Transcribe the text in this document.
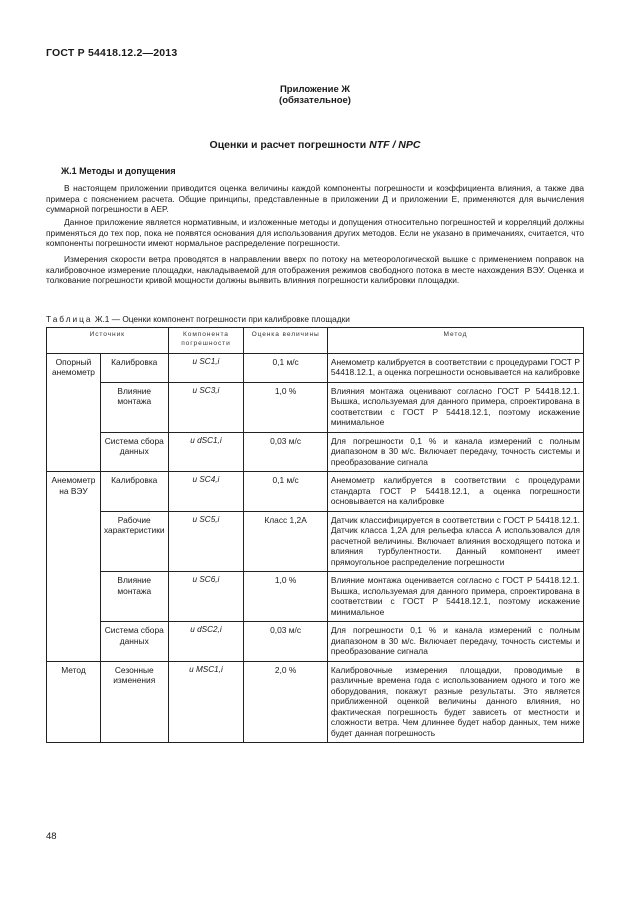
ГОСТ Р 54418.12.2—2013
Приложение Ж
(обязательное)
Оценки и расчет погрешности NTF / NPC
Ж.1 Методы и допущения

В настоящем приложении приводится оценка величины каждой компоненты погрешности и коэффициента влияния, а также два примера с пояснением расчета. Общие принципы, представленные в приложении Д и приложении Е, применяются для вычисления суммарной погрешности в AEP.

Данное приложение является нормативным, и изложенные методы и допущения относительно погрешностей и корреляций должны применяться до тех пор, пока не появятся основания для использования других методов. Если не указано в примечаниях, считается, что компоненты погрешности имеют нормальное распределение погрешности.

Измерения скорости ветра проводятся в направлении вверх по потоку на метеорологической вышке с применением поправок на калибровочное измерение площадки, накладываемой для отображения режимов свободного потока в месте нахождения ВЭУ. Оценка и толкование погрешности кривой мощности должны выявить влияния погрешности калибровки площадки.

Таблица Ж.1 — Оценки компонент погрешности при калибровке площадки
Источник		Компонента погрешности	Оценка величины	Метод
Опорный анемометр	Калибровка	u SC1,i	0,1 м/с	Анемометр калибруется в соответствии с процедурами ГОСТ Р 54418.12.1, а оценка погрешности основывается на калибровке
	Влияние монтажа	u SC3,i	1,0 %	Влияния монтажа оценивают согласно ГОСТ Р 54418.12.1. Вышка, используемая для данного примера, спроектирована в соответствии с ГОСТ Р 54418.12.1, поэтому искажение минимальное
	Система сбора данных	u dSC1,i	0,03 м/с	Для погрешности 0,1 % и канала измерений с полным диапазоном в 30 м/с. Включает передачу, точность системы и преобразование сигнала
Анемометр на ВЭУ	Калибровка	u SC4,i	0,1 м/с	Анемометр калибруется в соответствии с процедурами стандарта ГОСТ Р 54418.12.1, а оценка погрешности основывается на калибровке
	Рабочие характеристики	u SC5,i	Класс 1,2А	Датчик классифицируется в соответствии с ГОСТ Р 54418.12.1. Датчик класса 1,2А для рельефа класса А использовался для расчетной величины. Включает влияния восходящего потока и влияния турбулентности. Данный компонент имеет прямоугольное распределение погрешности
	Влияние монтажа	u SC6,i	1,0 %	Влияние монтажа оценивается согласно с ГОСТ Р 54418.12.1. Вышка, используемая для данного примера, спроектирована в соответствии с ГОСТ Р 54418.12.1, поэтому искажение минимальное
	Система сбора данных	u dSC2,i	0,03 м/с	Для погрешности 0,1 % и канала измерений с полным диапазоном в 30 м/с. Включает передачу, точность системы и преобразование сигнала
Метод	Сезонные изменения	u MSC1,i	2,0 %	Калибровочные измерения площадки, проводимые в различные времена года с использованием одного и того же оборудования, покажут разные результаты. Это является приближенной оценкой величины данного влияния, но фактическая погрешность будет зависеть от местности и сложности ветра. Чем длиннее будет набор данных, тем ниже будет данная погрешность
48
